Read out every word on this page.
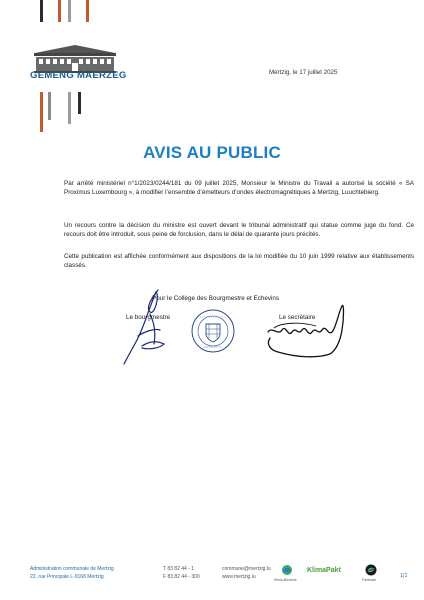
GEMENG MÄERZEG	Mertzig, le 17 juillet 2025
AVIS AU PUBLIC

Par arrêté ministériel n°1/2023/0244/181 du 09 juillet 2025, Monsieur le Ministre du Travail a autorisé la société « SA Proximus Luxembourg », à modifier l’ensemble d’émetteurs d’ondes électromagnétiques à Mertzig, Luuchtebierg.

Un recours contre la décision du ministre est ouvert devant le tribunal administratif qui statue comme juge du fond. Ce recours doit être introduit, sous peine de forclusion, dans le délai de quarante jours précités.

Cette publication est affichée conformément aux dispositions de la loi modifiée du 10 juin 1999 relative aux établissements classés.

Pour le Collège des Bourgmestre et Echevins
Le bourgmestre	Le secrétaire
Administration communale de Mertzig
22, rue Principale L-9168 Mertzig
T 83 82 44 - 1
F 83 82 44 - 300
commune@mertzig.lu
www.mertzig.lu
Klima-Bündnis
KlimaPakt
Fairtrade
1|1
